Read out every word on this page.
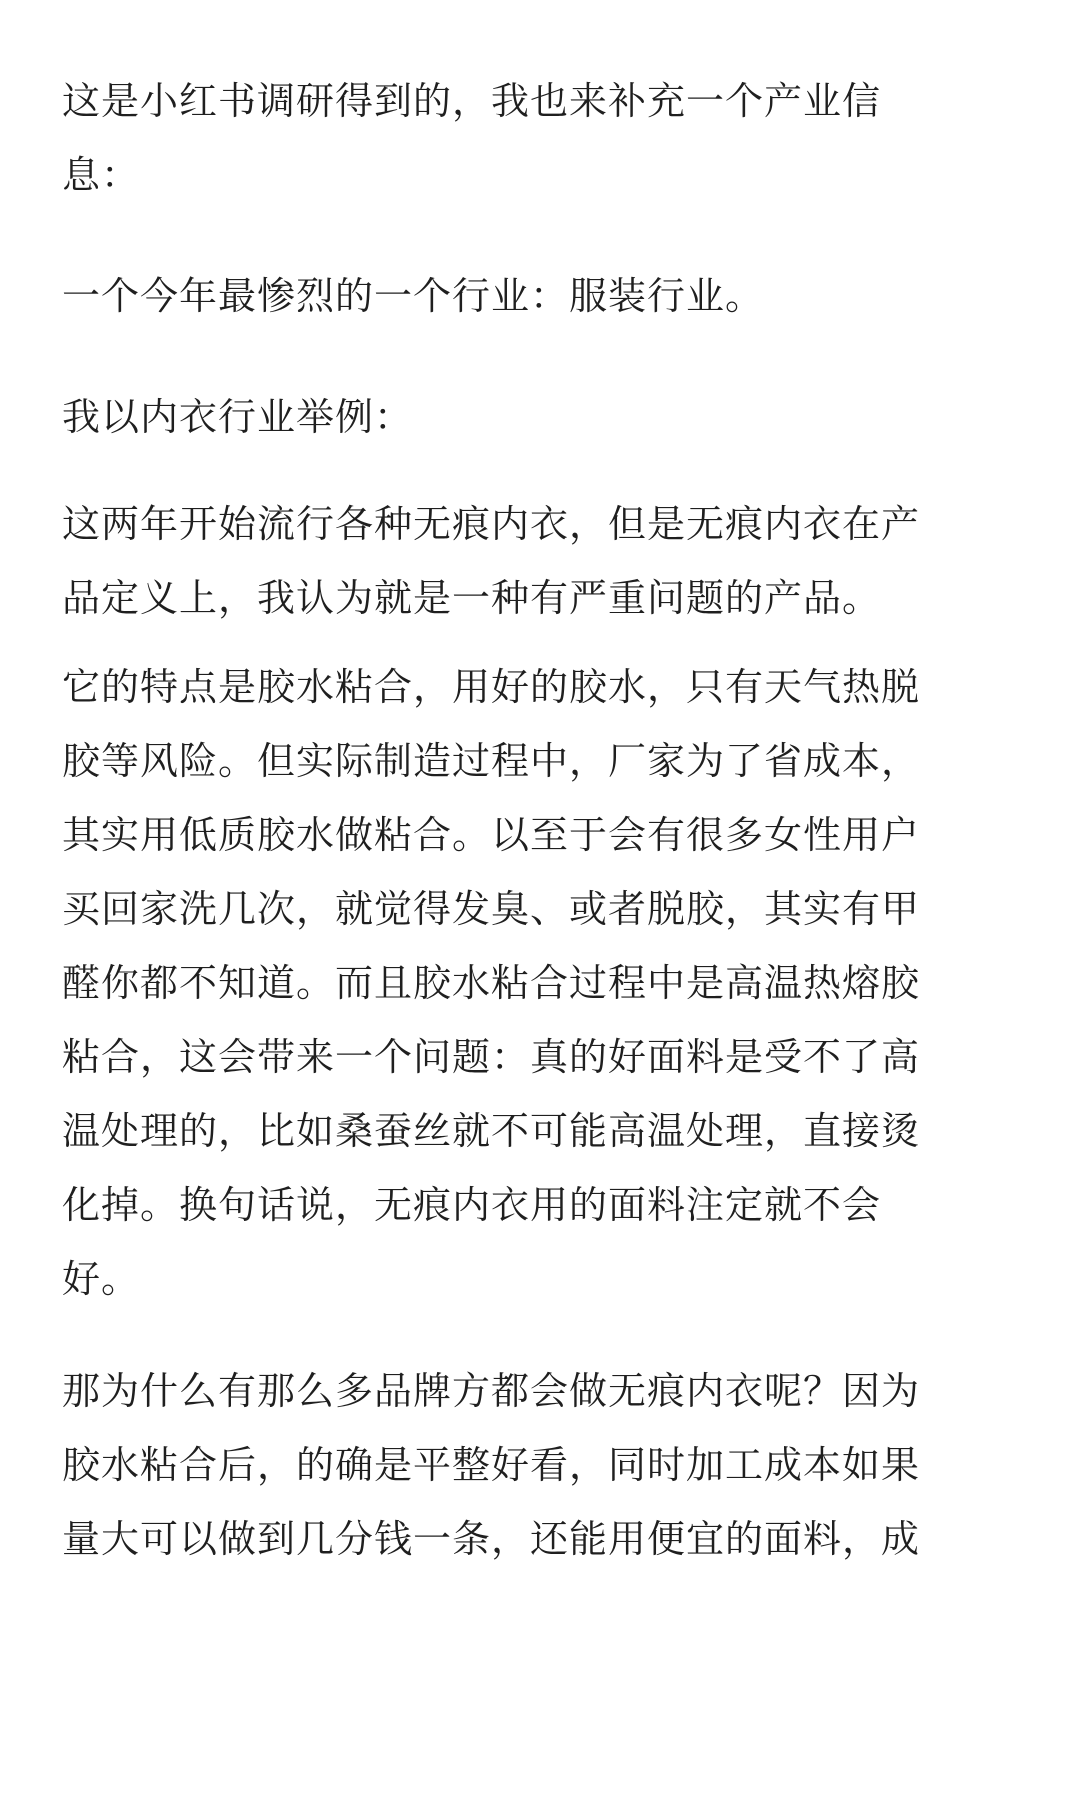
这是小红书调研得到的，我也来补充一个产业信
息：

一个今年最惨烈的一个行业：服装行业。

我以内衣行业举例：

这两年开始流行各种无痕内衣，但是无痕内衣在产
品定义上，我认为就是一种有严重问题的产品。

它的特点是胶水粘合，用好的胶水，只有天气热脱
胶等风险。但实际制造过程中，厂家为了省成本，
其实用低质胶水做粘合。以至于会有很多女性用户
买回家洗几次，就觉得发臭、或者脱胶，其实有甲
醛你都不知道。而且胶水粘合过程中是高温热熔胶
粘合，这会带来一个问题：真的好面料是受不了高
温处理的，比如桑蚕丝就不可能高温处理，直接烫
化掉。换句话说，无痕内衣用的面料注定就不会
好。

那为什么有那么多品牌方都会做无痕内衣呢？因为
胶水粘合后，的确是平整好看，同时加工成本如果
量大可以做到几分钱一条，还能用便宜的面料，成
